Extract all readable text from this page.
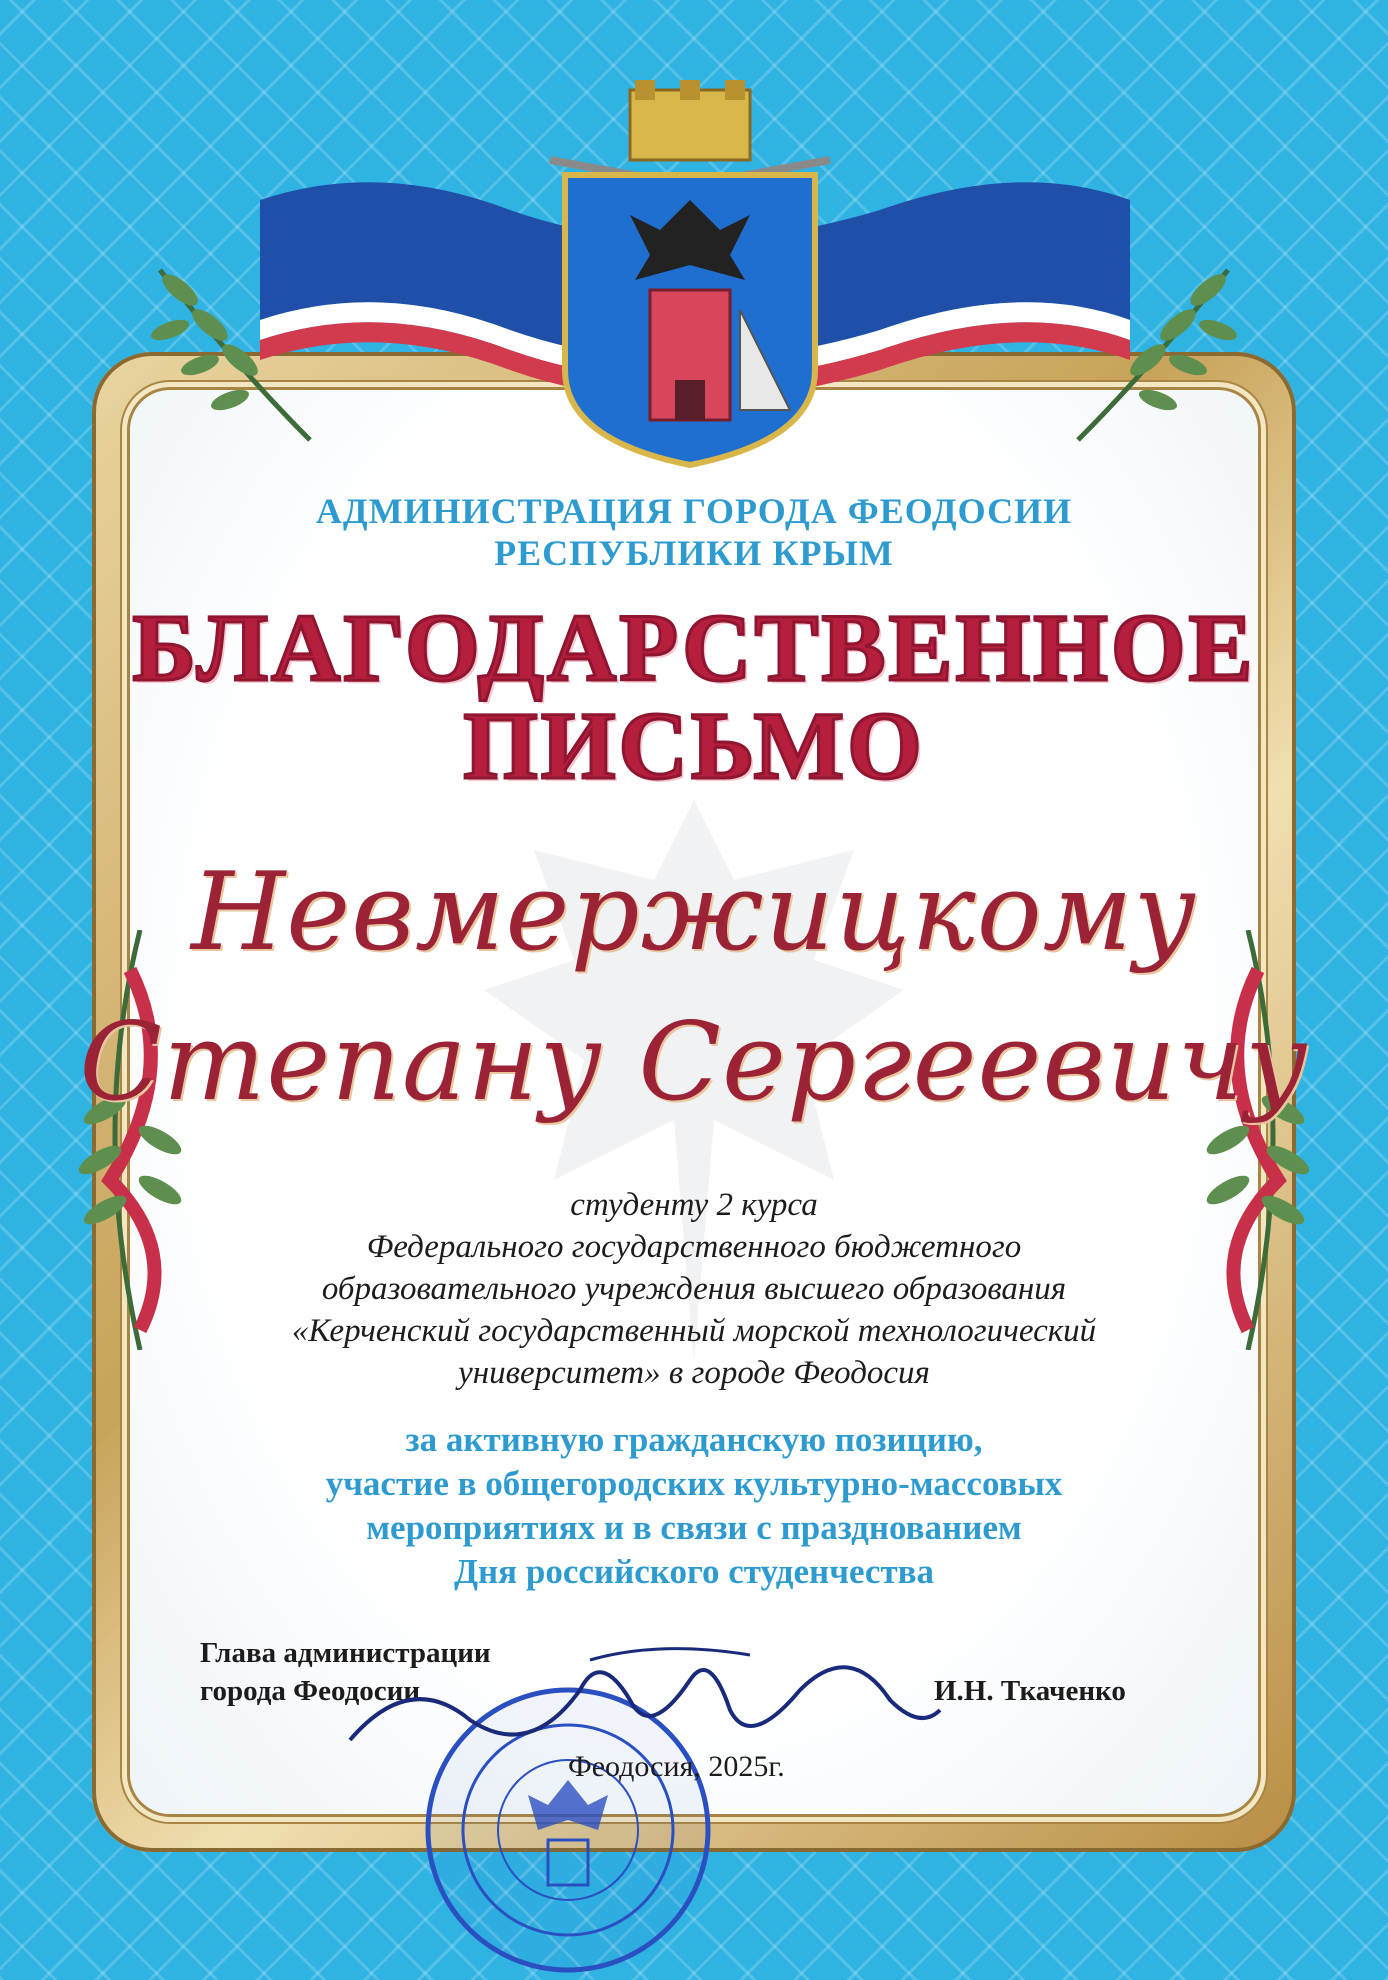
АДМИНИСТРАЦИЯ ГОРОДА ФЕОДОСИИ
РЕСПУБЛИКИ КРЫМ
БЛАГОДАРСТВЕННОЕ
ПИСЬМО
Невмержицкому
Степану Сергеевичу
студенту 2 курса
Федерального государственного бюджетного
образовательного учреждения высшего образования
«Керченский государственный морской технологический
университет» в городе Феодосия
за активную гражданскую позицию,
участие в общегородских культурно-массовых
мероприятиях и в связи с празднованием
Дня российского студенчества
Глава администрации
города Феодосии	И.Н. Ткаченко
Феодосия, 2025г.
